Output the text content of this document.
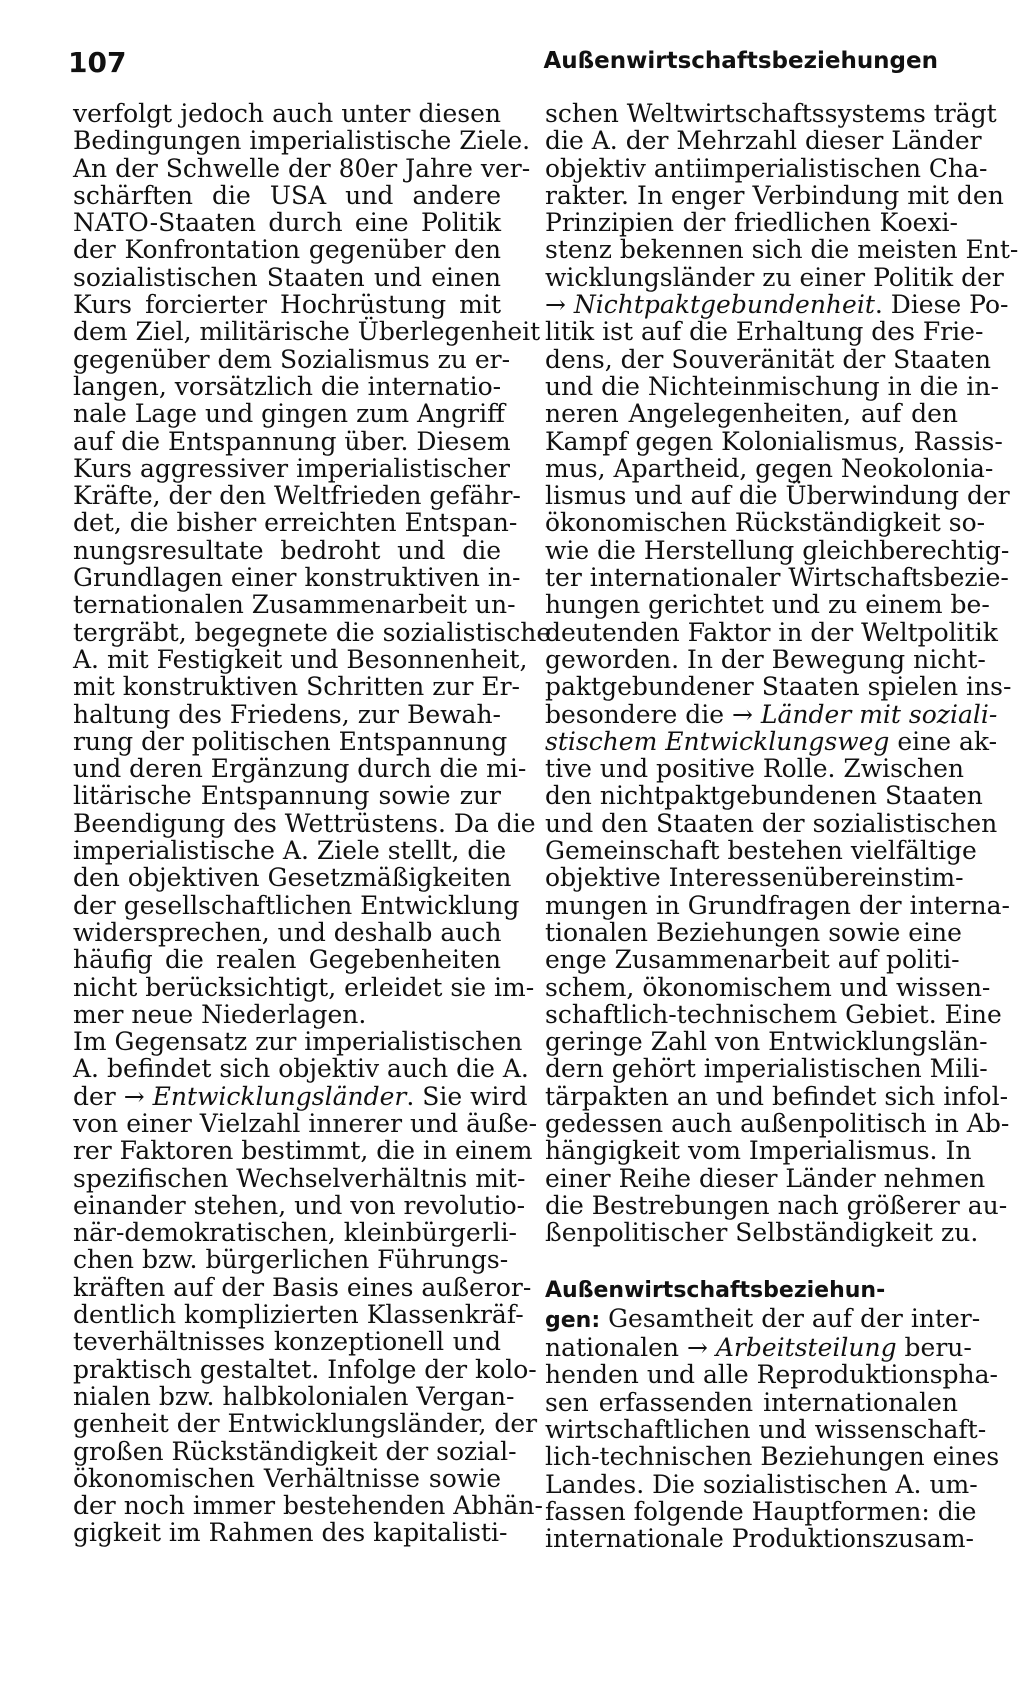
107	Außenwirtschaftsbeziehungen
verfolgt jedoch auch unter diesen
Bedingungen imperialistische Ziele.
An der Schwelle der 80er Jahre ver-
schärften die USA und andere
NATO-Staaten durch eine Politik
der Konfrontation gegenüber den
sozialistischen Staaten und einen
Kurs forcierter Hochrüstung mit
dem Ziel, militärische Überlegenheit
gegenüber dem Sozialismus zu er-
langen, vorsätzlich die internatio-
nale Lage und gingen zum Angriff
auf die Entspannung über. Diesem
Kurs aggressiver imperialistischer
Kräfte, der den Weltfrieden gefähr-
det, die bisher erreichten Entspan-
nungsresultate bedroht und die
Grundlagen einer konstruktiven in-
ternationalen Zusammenarbeit un-
tergräbt, begegnete die sozialistische
A. mit Festigkeit und Besonnenheit,
mit konstruktiven Schritten zur Er-
haltung des Friedens, zur Bewah-
rung der politischen Entspannung
und deren Ergänzung durch die mi-
litärische Entspannung sowie zur
Beendigung des Wettrüstens. Da die
imperialistische A. Ziele stellt, die
den objektiven Gesetzmäßigkeiten
der gesellschaftlichen Entwicklung
widersprechen, und deshalb auch
häufig die realen Gegebenheiten
nicht berücksichtigt, erleidet sie im-
mer neue Niederlagen.
Im Gegensatz zur imperialistischen
A. befindet sich objektiv auch die A.
der → Entwicklungsländer. Sie wird
von einer Vielzahl innerer und äuße-
rer Faktoren bestimmt, die in einem
spezifischen Wechselverhältnis mit-
einander stehen, und von revolutio-
när-demokratischen, kleinbürgerli-
chen bzw. bürgerlichen Führungs-
kräften auf der Basis eines außeror-
dentlich komplizierten Klassenkräf-
teverhältnisses konzeptionell und
praktisch gestaltet. Infolge der kolo-
nialen bzw. halbkolonialen Vergan-
genheit der Entwicklungsländer, der
großen Rückständigkeit der sozial-
ökonomischen Verhältnisse sowie
der noch immer bestehenden Abhän-
gigkeit im Rahmen des kapitalisti-
schen Weltwirtschaftssystems trägt
die A. der Mehrzahl dieser Länder
objektiv antiimperialistischen Cha-
rakter. In enger Verbindung mit den
Prinzipien der friedlichen Koexi-
stenz bekennen sich die meisten Ent-
wicklungsländer zu einer Politik der
→ Nichtpaktgebundenheit. Diese Po-
litik ist auf die Erhaltung des Frie-
dens, der Souveränität der Staaten
und die Nichteinmischung in die in-
neren Angelegenheiten, auf den
Kampf gegen Kolonialismus, Rassis-
mus, Apartheid, gegen Neokolonia-
lismus und auf die Überwindung der
ökonomischen Rückständigkeit so-
wie die Herstellung gleichberechtig-
ter internationaler Wirtschaftsbezie-
hungen gerichtet und zu einem be-
deutenden Faktor in der Weltpolitik
geworden. In der Bewegung nicht-
paktgebundener Staaten spielen ins-
besondere die → Länder mit soziali-
stischem Entwicklungsweg eine ak-
tive und positive Rolle. Zwischen
den nichtpaktgebundenen Staaten
und den Staaten der sozialistischen
Gemeinschaft bestehen vielfältige
objektive Interessenübereinstim-
mungen in Grundfragen der interna-
tionalen Beziehungen sowie eine
enge Zusammenarbeit auf politi-
schem, ökonomischem und wissen-
schaftlich-technischem Gebiet. Eine
geringe Zahl von Entwicklungslän-
dern gehört imperialistischen Mili-
tärpakten an und befindet sich infol-
gedessen auch außenpolitisch in Ab-
hängigkeit vom Imperialismus. In
einer Reihe dieser Länder nehmen
die Bestrebungen nach größerer au-
ßenpolitischer Selbständigkeit zu.
Außenwirtschaftsbeziehun-
gen: Gesamtheit der auf der inter-
nationalen → Arbeitsteilung beru-
henden und alle Reproduktionspha-
sen erfassenden internationalen
wirtschaftlichen und wissenschaft-
lich-technischen Beziehungen eines
Landes. Die sozialistischen A. um-
fassen folgende Hauptformen: die
internationale Produktionszusam-
